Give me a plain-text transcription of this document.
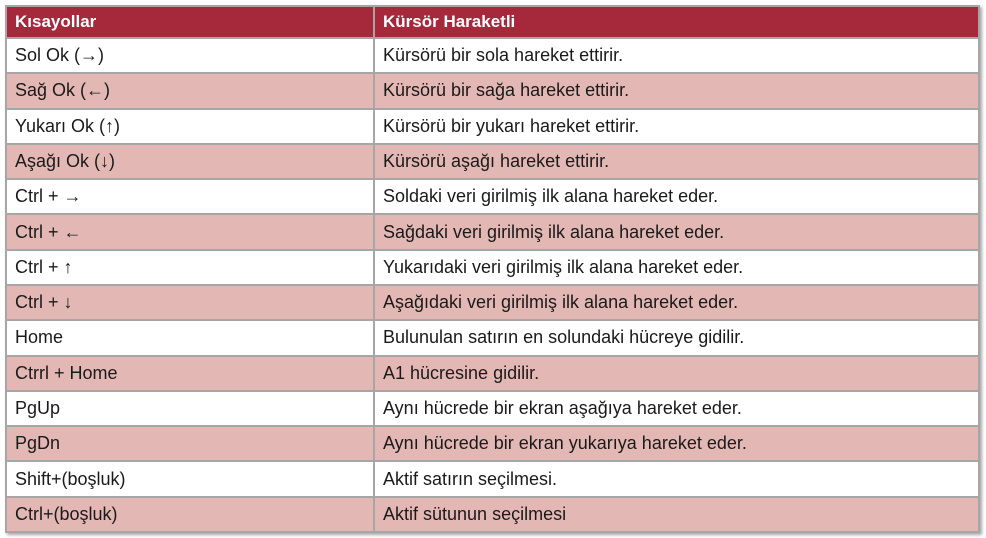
Kısayollar	Kürsör Haraketli
Sol Ok (→)	Kürsörü bir sola hareket ettirir.
Sağ Ok (←)	Kürsörü bir sağa hareket ettirir.
Yukarı Ok (↑)	Kürsörü bir yukarı hareket ettirir.
Aşağı Ok (↓)	Kürsörü aşağı hareket ettirir.
Ctrl + →	Soldaki veri girilmiş ilk alana hareket eder.
Ctrl + ←	Sağdaki veri girilmiş ilk alana hareket eder.
Ctrl + ↑	Yukarıdaki veri girilmiş ilk alana hareket eder.
Ctrl + ↓	Aşağıdaki veri girilmiş ilk alana hareket eder.
Home	Bulunulan satırın en solundaki hücreye gidilir.
Ctrrl + Home	A1 hücresine gidilir.
PgUp	Aynı hücrede bir ekran aşağıya hareket eder.
PgDn	Aynı hücrede bir ekran yukarıya hareket eder.
Shift+(boşluk)	Aktif satırın seçilmesi.
Ctrl+(boşluk)	Aktif sütunun seçilmesi
